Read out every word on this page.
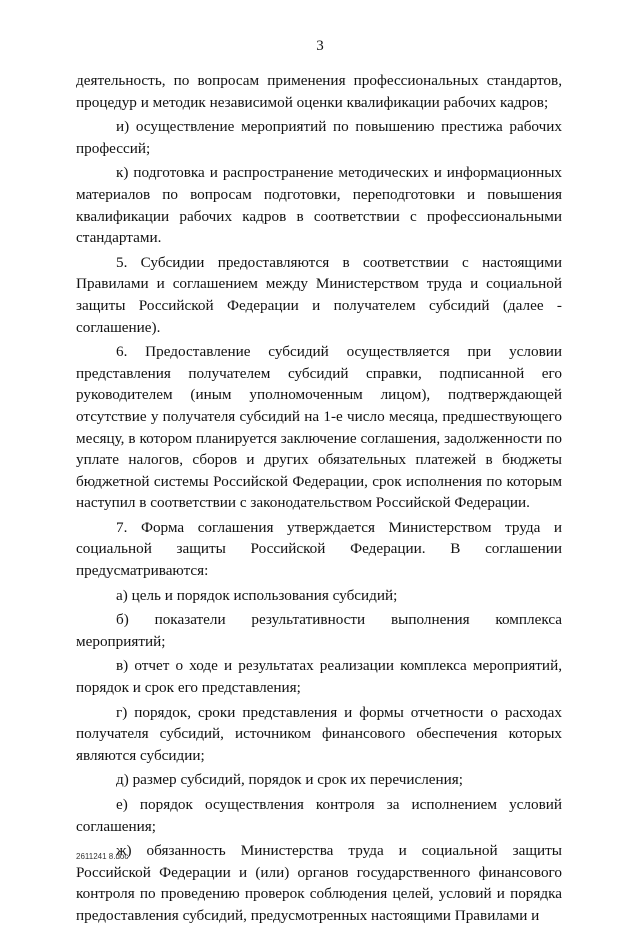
3

деятельность, по вопросам применения профессиональных стандартов, процедур и методик независимой оценки квалификации рабочих кадров;

и) осуществление мероприятий по повышению престижа рабочих профессий;

к) подготовка и распространение методических и информационных материалов по вопросам подготовки, переподготовки и повышения квалификации рабочих кадров в соответствии с профессиональными стандартами.

5. Субсидии предоставляются в соответствии с настоящими Правилами и соглашением между Министерством труда и социальной защиты Российской Федерации и получателем субсидий (далее - соглашение).

6. Предоставление субсидий осуществляется при условии представления получателем субсидий справки, подписанной его руководителем (иным уполномоченным лицом), подтверждающей отсутствие у получателя субсидий на 1-е число месяца, предшествующего месяцу, в котором планируется заключение соглашения, задолженности по уплате налогов, сборов и других обязательных платежей в бюджеты бюджетной системы Российской Федерации, срок исполнения по которым наступил в соответствии с законодательством Российской Федерации.

7. Форма соглашения утверждается Министерством труда и социальной защиты Российской Федерации. В соглашении предусматриваются:

а) цель и порядок использования субсидий;

б) показатели результативности выполнения комплекса мероприятий;

в) отчет о ходе и результатах реализации комплекса мероприятий, порядок и срок его представления;

г) порядок, сроки представления и формы отчетности о расходах получателя субсидий, источником финансового обеспечения которых являются субсидии;

д) размер субсидий, порядок и срок их перечисления;

е) порядок осуществления контроля за исполнением условий соглашения;

ж) обязанность Министерства труда и социальной защиты Российской Федерации и (или) органов государственного финансового контроля по проведению проверок соблюдения целей, условий и порядка предоставления субсидий, предусмотренных настоящими Правилами и

2611241 8.doc
